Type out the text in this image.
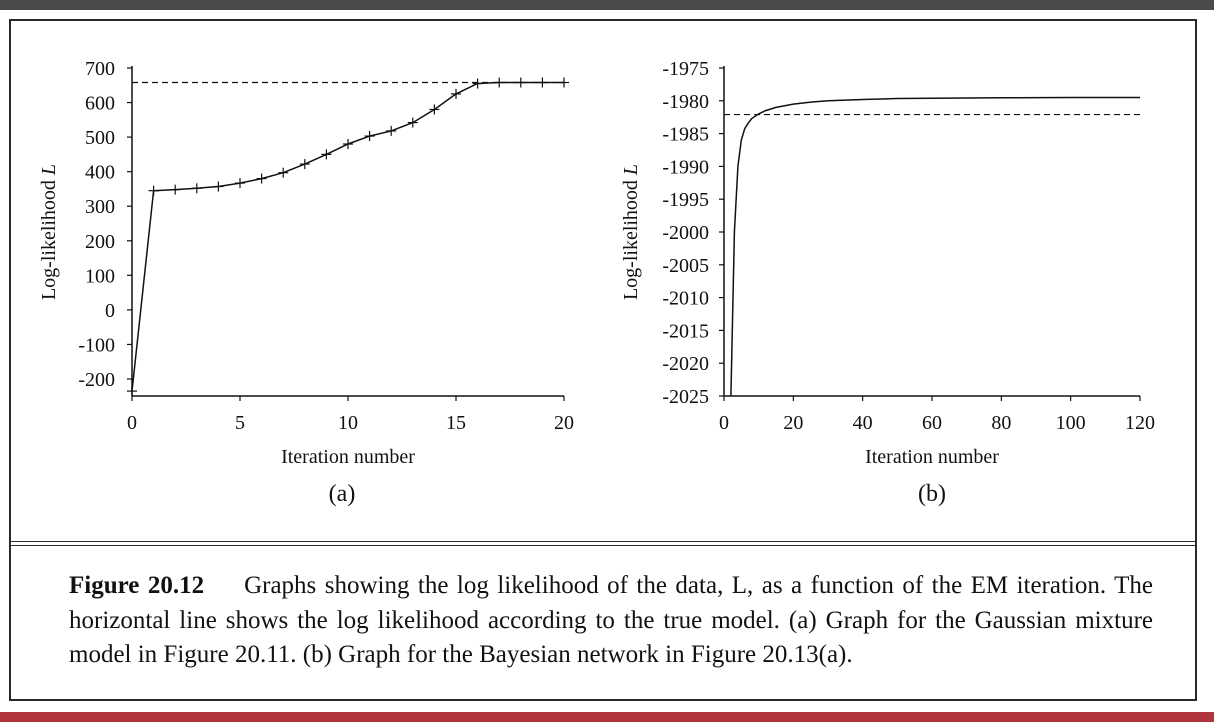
700
600
500
400
300
200
100
0
-100
-200
0	5	10	15	20
Iteration number
Log-likelihood L
(a)
-1975
-1980
-1985
-1990
-1995
-2000
-2005
-2010
-2015
-2020
-2025
0	20 40 60 80 100 120
Iteration number
Log-likelihood L
(b)
Figure 20.12 Graphs showing the log likelihood of the data, L, as a function of the EM iteration. The horizontal line shows the log likelihood according to the true model. (a) Graph for the Gaussian mixture model in Figure 20.11. (b) Graph for the Bayesian network in Figure 20.13(a).
